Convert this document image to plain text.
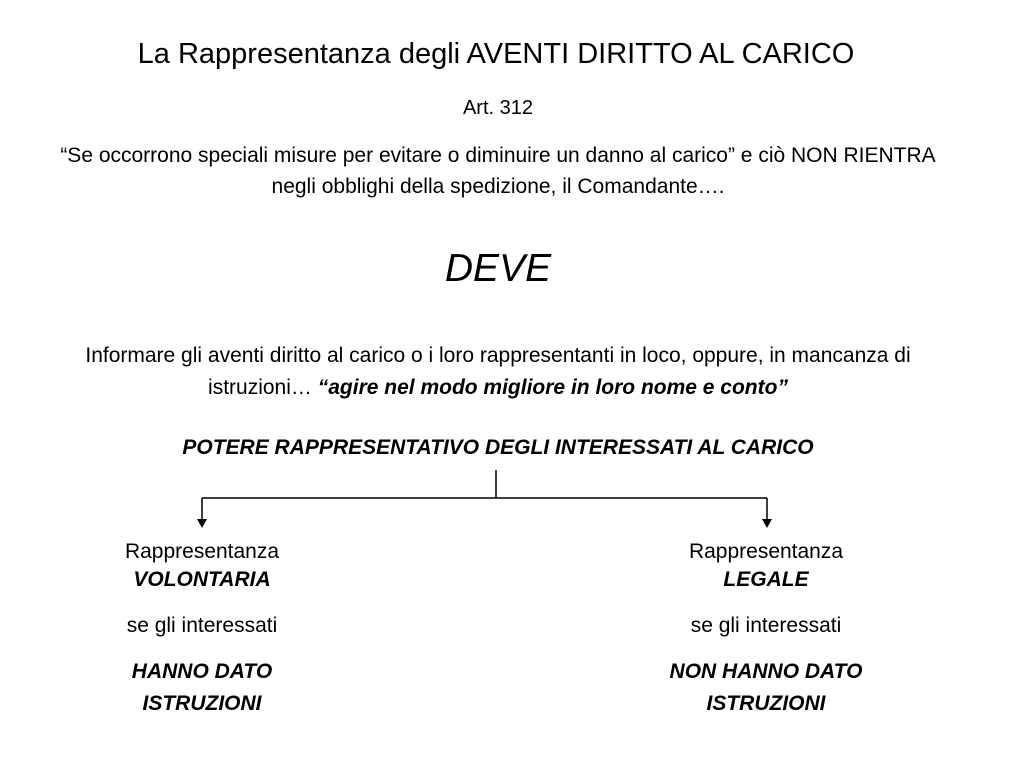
La Rappresentanza degli AVENTI DIRITTO AL CARICO
Art. 312
“Se occorrono speciali misure per evitare o diminuire un danno al carico” e ciò NON RIENTRA negli obblighi della spedizione, il Comandante….
DEVE
Informare gli aventi diritto al carico o i loro rappresentanti in loco, oppure, in mancanza di istruzioni… “agire nel modo migliore in loro nome e conto”
POTERE RAPPRESENTATIVO DEGLI INTERESSATI AL CARICO
Rappresentanza
VOLONTARIA
se gli interessati
HANNO DATO
ISTRUZIONI
Rappresentanza
LEGALE
se gli interessati
NON HANNO DATO
ISTRUZIONI
